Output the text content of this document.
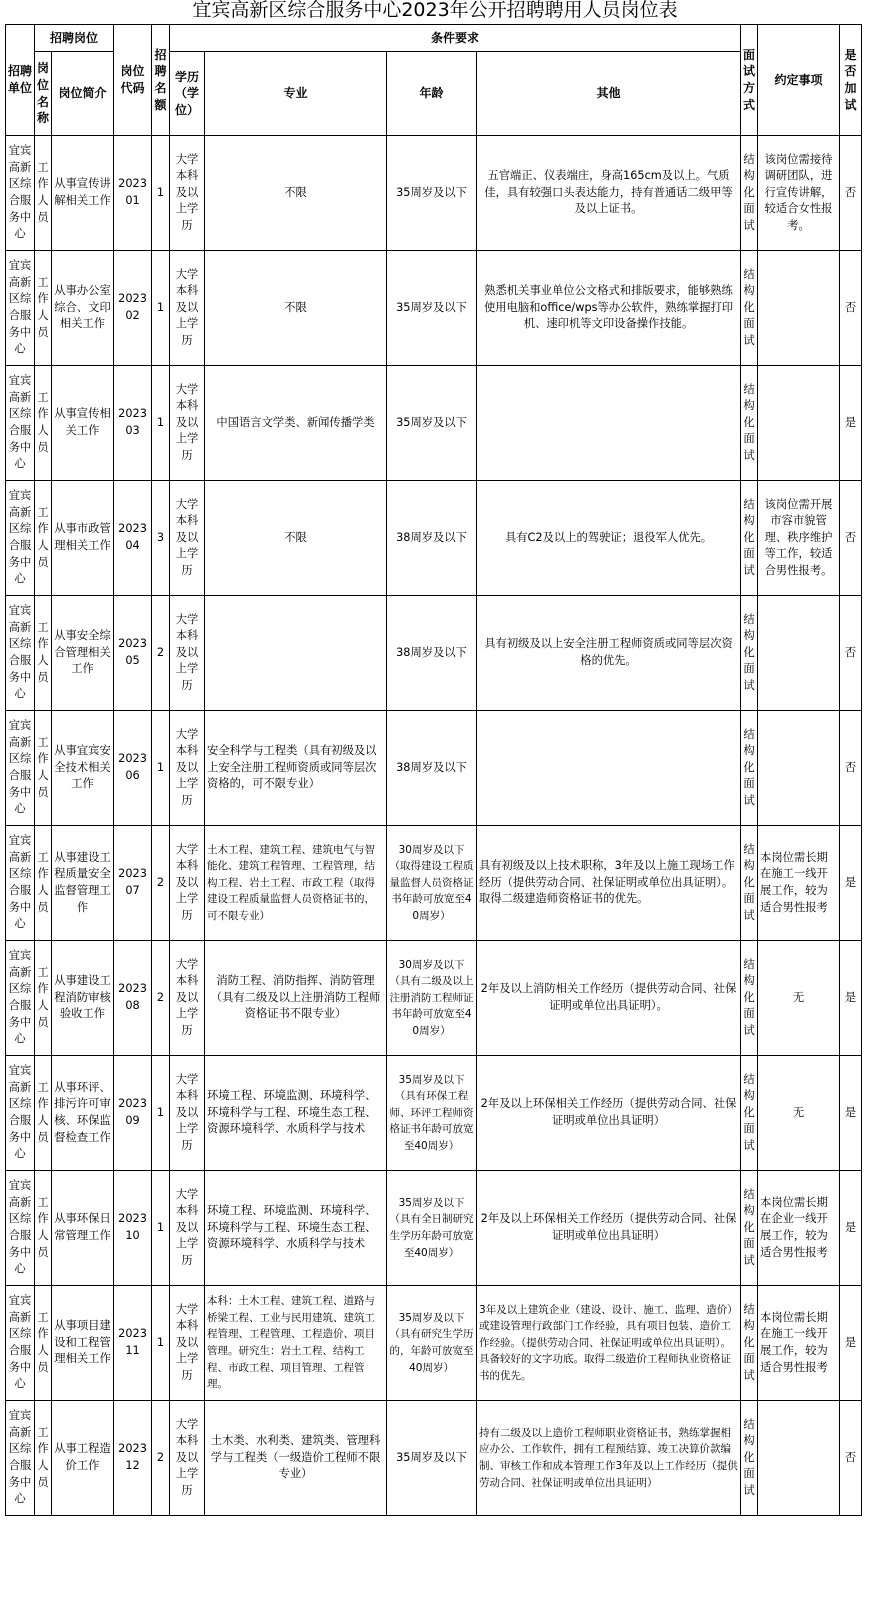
宜宾高新区综合服务中心2023年公开招聘聘用人员岗位表
招聘单位	招聘岗位		岗位代码	招聘名额	条件要求				面试方式	约定事项	是否加试
	岗位名称	岗位简介			学历（学位）	专业	年龄	其他			
宜宾高新区综合服务中心	工作人员	从事宣传讲解相关工作	202301	1	大学本科及以上学历	不限	35周岁及以下	五官端正、仪表端庄，身高165cm及以上。气质佳，具有较强口头表达能力，持有普通话二级甲等及以上证书。	结构化面试	该岗位需接待调研团队，进行宣传讲解，较适合女性报考。	否
宜宾高新区综合服务中心	工作人员	从事办公室综合、文印相关工作	202302	1	大学本科及以上学历	不限	35周岁及以下	熟悉机关事业单位公文格式和排版要求，能够熟练使用电脑和office/wps等办公软件，熟练掌握打印机、速印机等文印设备操作技能。	结构化面试		否
宜宾高新区综合服务中心	工作人员	从事宣传相关工作	202303	1	大学本科及以上学历	中国语言文学类、新闻传播学类	35周岁及以下		结构化面试		是
宜宾高新区综合服务中心	工作人员	从事市政管理相关工作	202304	3	大学本科及以上学历	不限	38周岁及以下	具有C2及以上的驾驶证；退役军人优先。	结构化面试	该岗位需开展市容市貌管理、秩序维护等工作，较适合男性报考。	否
宜宾高新区综合服务中心	工作人员	从事安全综合管理相关工作	202305	2	大学本科及以上学历		38周岁及以下	具有初级及以上安全注册工程师资质或同等层次资格的优先。	结构化面试		否
宜宾高新区综合服务中心	工作人员	从事宜宾安全技术相关工作	202306	1	大学本科及以上学历	安全科学与工程类（具有初级及以上安全注册工程师资质或同等层次资格的，可不限专业）	38周岁及以下		结构化面试		否
宜宾高新区综合服务中心	工作人员	从事建设工程质量安全监督管理工作	202307	2	大学本科及以上学历	土木工程、建筑工程、建筑电气与智能化、建筑工程管理、工程管理，结构工程、岩土工程、市政工程（取得建设工程质量监督人员资格证书的，可不限专业）	30周岁及以下（取得建设工程质量监督人员资格证书年龄可放宽至40周岁）	具有初级及以上技术职称，3年及以上施工现场工作经历（提供劳动合同、社保证明或单位出具证明）。取得二级建造师资格证书的优先。	结构化面试	本岗位需长期在施工一线开展工作，较为适合男性报考	是
宜宾高新区综合服务中心	工作人员	从事建设工程消防审核验收工作	202308	2	大学本科及以上学历	消防工程、消防指挥、消防管理（具有二级及以上注册消防工程师资格证书不限专业）	30周岁及以下（具有二级及以上注册消防工程师证书年龄可放宽至40周岁）	2年及以上消防相关工作经历（提供劳动合同、社保证明或单位出具证明）。	结构化面试	无	是
宜宾高新区综合服务中心	工作人员	从事环评、排污许可审核、环保监督检查工作	202309	1	大学本科及以上学历	环境工程、环境监测、环境科学、环境科学与工程、环境生态工程、资源环境科学、水质科学与技术	35周岁及以下（具有环保工程师、环评工程师资格证书年龄可放宽至40周岁）	2年及以上环保相关工作经历（提供劳动合同、社保证明或单位出具证明）	结构化面试	无	是
宜宾高新区综合服务中心	工作人员	从事环保日常管理工作	202310	1	大学本科及以上学历	环境工程、环境监测、环境科学、环境科学与工程、环境生态工程、资源环境科学、水质科学与技术	35周岁及以下（具有全日制研究生学历年龄可放宽至40周岁）	2年及以上环保相关工作经历（提供劳动合同、社保证明或单位出具证明）	结构化面试	本岗位需长期在企业一线开展工作，较为适合男性报考	是
宜宾高新区综合服务中心	工作人员	从事项目建设和工程管理相关工作	202311	1	大学本科及以上学历	本科：土木工程、建筑工程、道路与桥梁工程、工业与民用建筑、建筑工程管理、工程管理、工程造价、项目管理。研究生：岩土工程、结构工程、市政工程、项目管理、工程管理。	35周岁及以下（具有研究生学历的，年龄可放宽至40周岁）	3年及以上建筑企业（建设、设计、施工、监理、造价）或建设管理行政部门工作经验，具有项目包装、造价工作经验。（提供劳动合同、社保证明或单位出具证明）。具备较好的文字功底。取得二级造价工程师执业资格证书的优先。	结构化面试	本岗位需长期在施工一线开展工作，较为适合男性报考	是
宜宾高新区综合服务中心	工作人员	从事工程造价工作	202312	2	大学本科及以上学历	土木类、水利类、建筑类、管理科学与工程类（一级造价工程师不限专业）	35周岁及以下	持有二级及以上造价工程师职业资格证书，熟练掌握相应办公、工作软件，拥有工程预结算、竣工决算价款编制、审核工作和成本管理工作3年及以上工作经历（提供劳动合同、社保证明或单位出具证明）	结构化面试		否
